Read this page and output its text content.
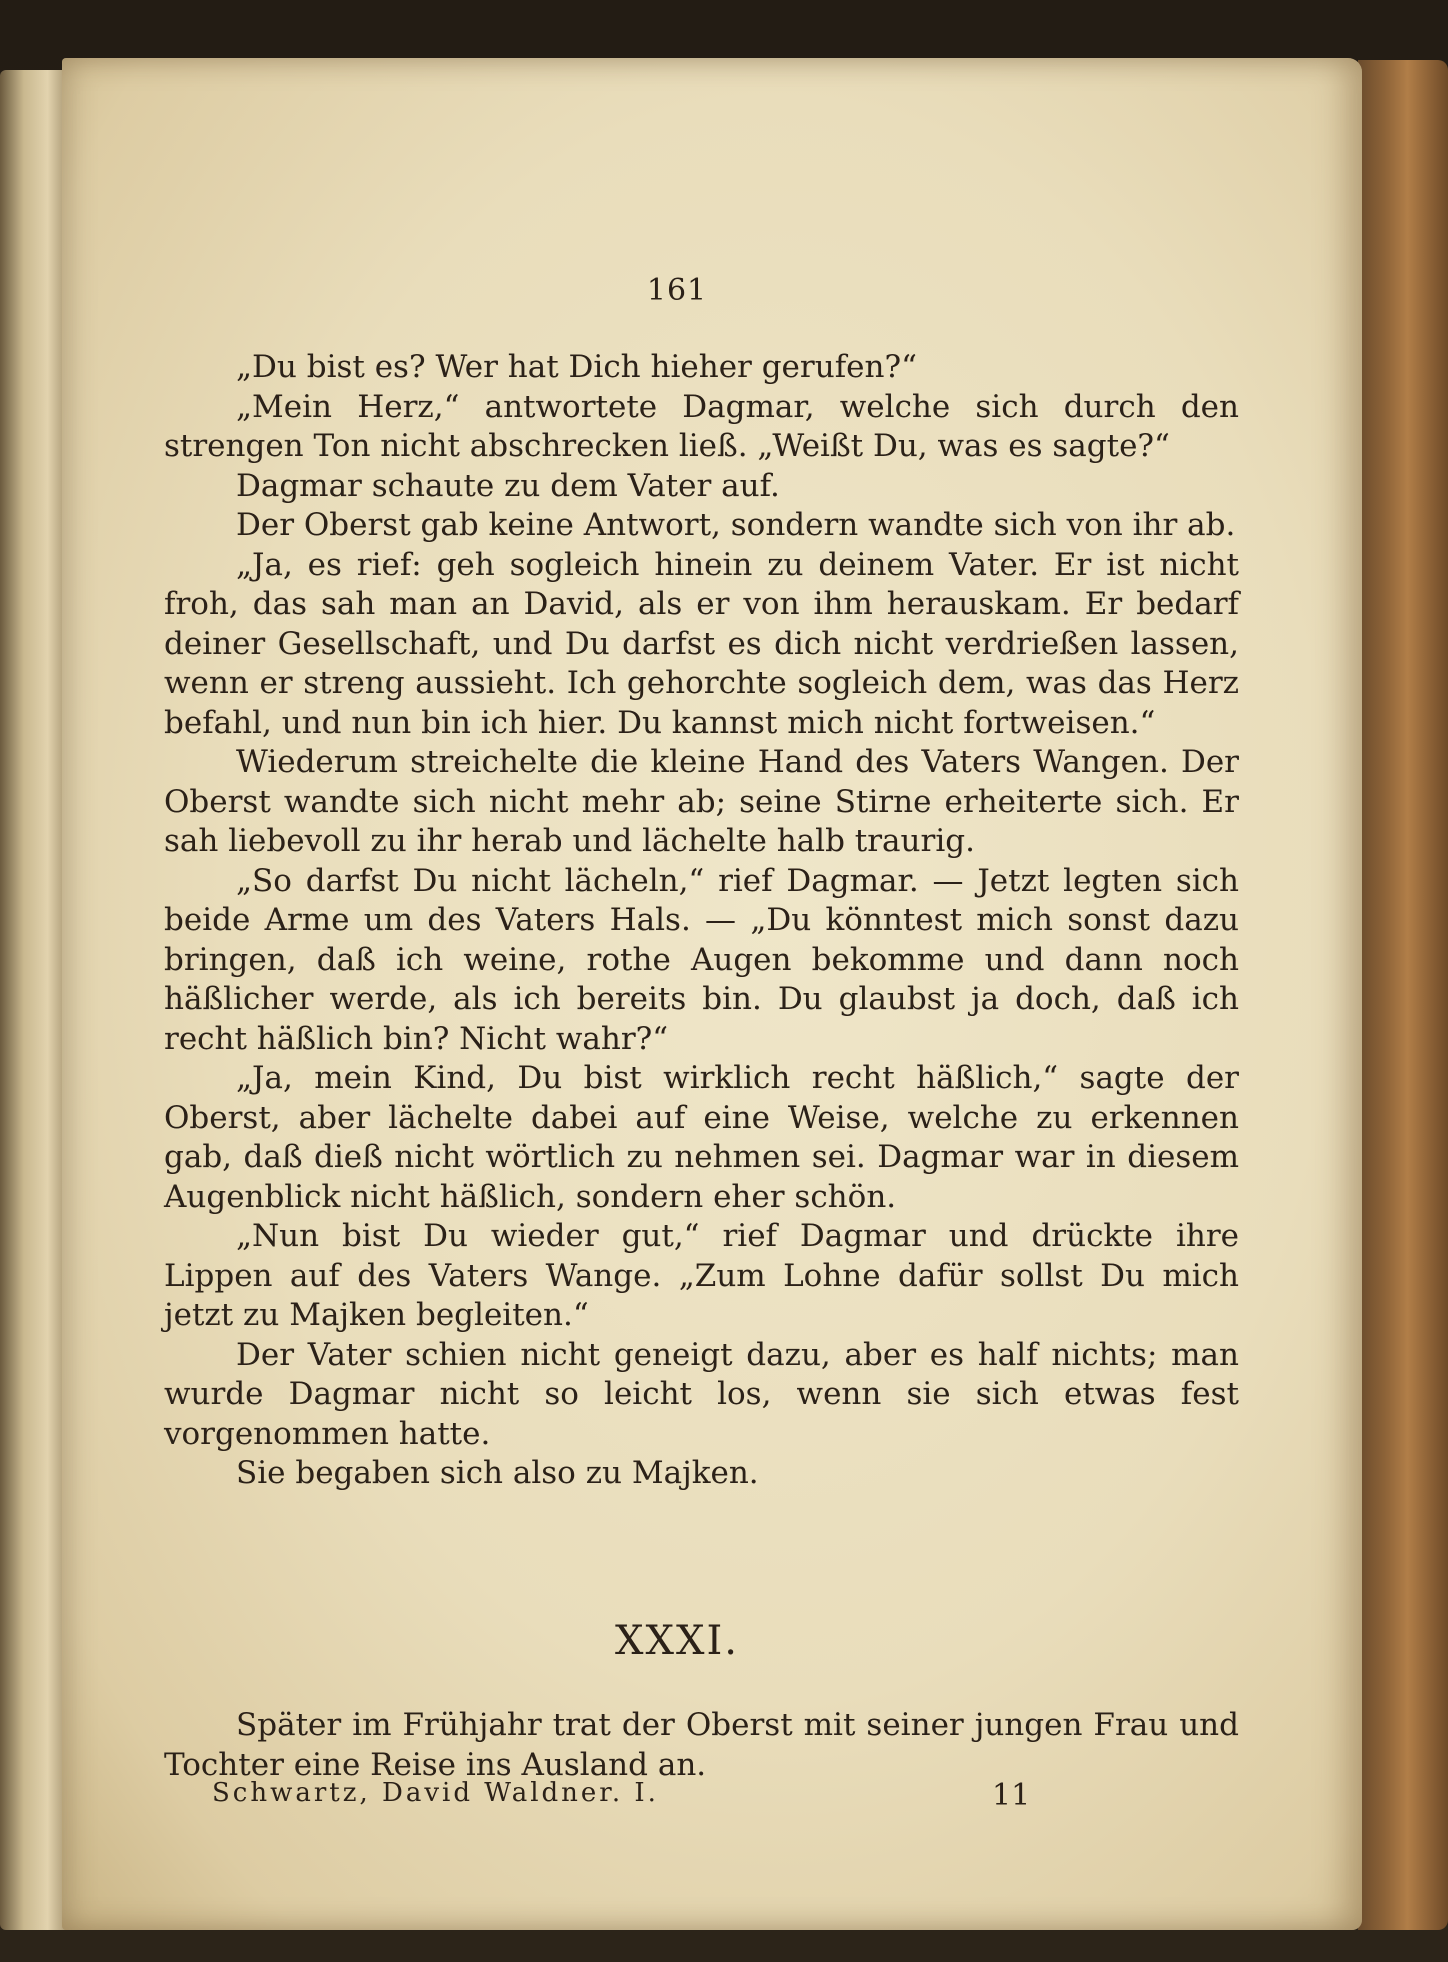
161

„Du bist es? Wer hat Dich hieher gerufen?“

„Mein Herz,“ antwortete Dagmar, welche sich durch den strengen Ton nicht abschrecken ließ. „Weißt Du, was es sagte?“

Dagmar schaute zu dem Vater auf.

Der Oberst gab keine Antwort, sondern wandte sich von ihr ab.

„Ja, es rief: geh sogleich hinein zu deinem Vater. Er ist nicht froh, das sah man an David, als er von ihm herauskam. Er bedarf deiner Gesellschaft, und Du darfst es dich nicht verdrießen lassen, wenn er streng aussieht. Ich gehorchte sogleich dem, was das Herz befahl, und nun bin ich hier. Du kannst mich nicht fortweisen.“

Wiederum streichelte die kleine Hand des Vaters Wangen. Der Oberst wandte sich nicht mehr ab; seine Stirne erheiterte sich. Er sah liebevoll zu ihr herab und lächelte halb traurig.

„So darfst Du nicht lächeln,“ rief Dagmar. — Jetzt legten sich beide Arme um des Vaters Hals. — „Du könntest mich sonst dazu bringen, daß ich weine, rothe Augen bekomme und dann noch häßlicher werde, als ich bereits bin. Du glaubst ja doch, daß ich recht häßlich bin? Nicht wahr?“

„Ja, mein Kind, Du bist wirklich recht häßlich,“ sagte der Oberst, aber lächelte dabei auf eine Weise, welche zu erkennen gab, daß dieß nicht wörtlich zu nehmen sei. Dagmar war in diesem Augenblick nicht häßlich, sondern eher schön.

„Nun bist Du wieder gut,“ rief Dagmar und drückte ihre Lippen auf des Vaters Wange. „Zum Lohne dafür sollst Du mich jetzt zu Majken begleiten.“

Der Vater schien nicht geneigt dazu, aber es half nichts; man wurde Dagmar nicht so leicht los, wenn sie sich etwas fest vorgenommen hatte.

Sie begaben sich also zu Majken.

XXXI.

Später im Frühjahr trat der Oberst mit seiner jungen Frau und Tochter eine Reise ins Ausland an.

Schwartz, David Waldner. I.	11
